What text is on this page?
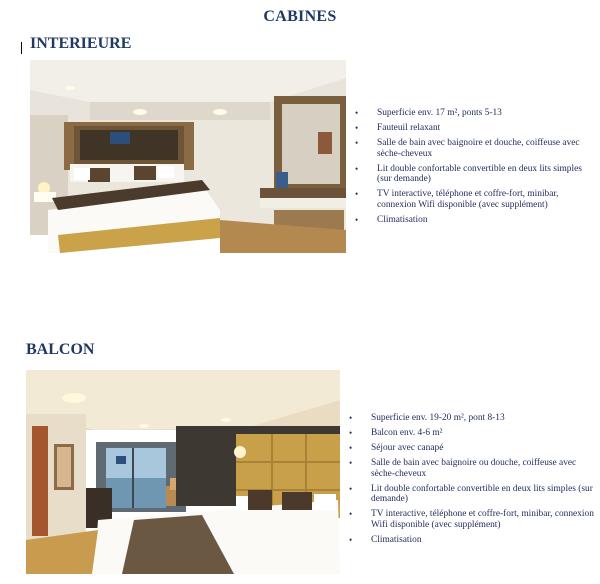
CABINES
INTERIEURE
• Superficie env. 17 m², ponts 5-13
• Fauteuil relaxant
• Salle de bain avec baignoire et douche, coiffeuse avec sèche-cheveux
• Lit double confortable convertible en deux lits simples (sur demande)
• TV interactive, téléphone et coffre-fort, minibar, connexion Wifi disponible (avec supplément)
• Climatisation
BALCON
• Superficie env. 19-20 m², pont 8-13
• Balcon env. 4-6 m²
• Séjour avec canapé
• Salle de bain avec baignoire ou douche, coiffeuse avec sèche-cheveux
• Lit double confortable convertible en deux lits simples (sur demande)
• TV interactive, téléphone et coffre-fort, minibar, connexion Wifi disponible (avec supplément)
• Climatisation
